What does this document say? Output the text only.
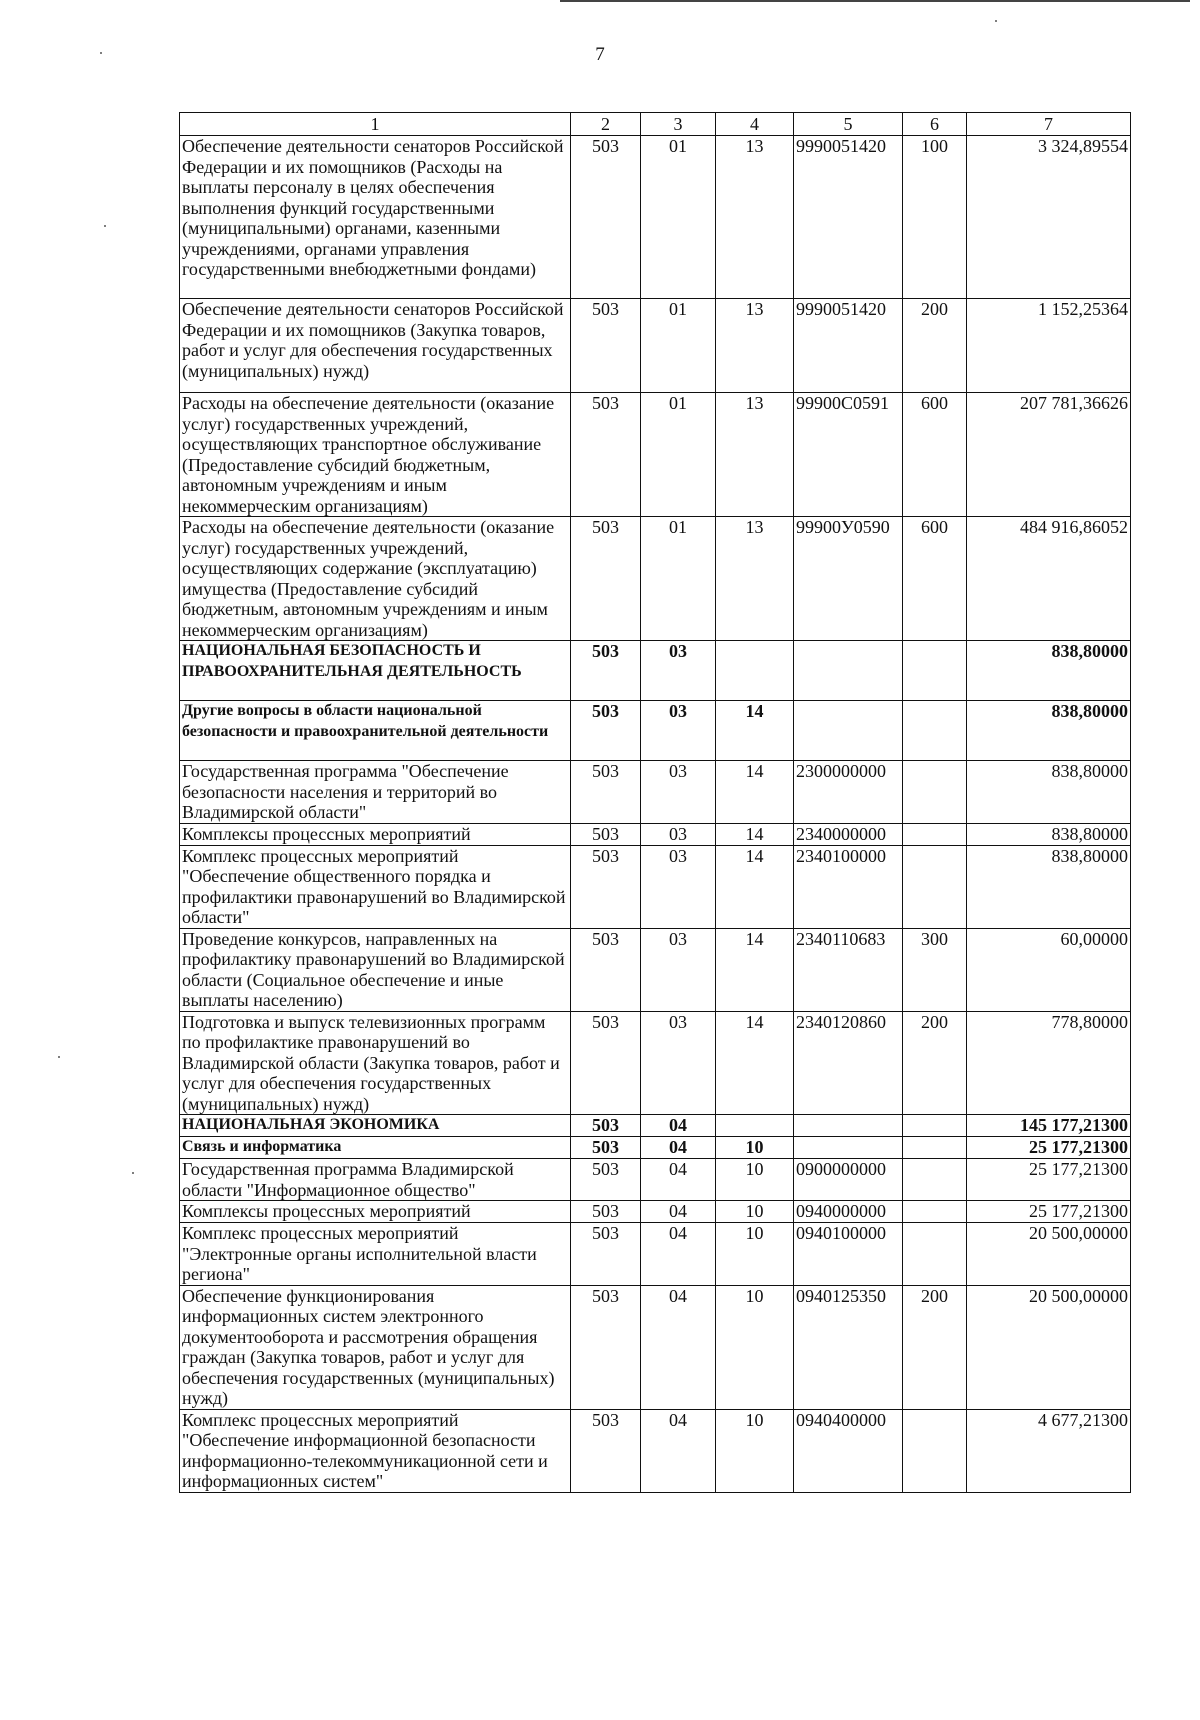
7
1	2	3	4	5	6	7
Обеспечение деятельности сенаторов Российской Федерации и их помощников (Расходы на выплаты персоналу в целях обеспечения выполнения функций государственными (муниципальными) органами, казенными учреждениями, органами управления государственными внебюджетными фондами)	503	01	13	9990051420	100	3 324,89554
Обеспечение деятельности сенаторов Российской Федерации и их помощников (Закупка товаров, работ и услуг для обеспечения государственных (муниципальных) нужд)	503	01	13	9990051420	200	1 152,25364
Расходы на обеспечение деятельности (оказание услуг) государственных учреждений, осуществляющих транспортное обслуживание (Предоставление субсидий бюджетным, автономным учреждениям и иным некоммерческим организациям)	503	01	13	99900С0591	600	207 781,36626
Расходы на обеспечение деятельности (оказание услуг) государственных учреждений, осуществляющих содержание (эксплуатацию) имущества (Предоставление субсидий бюджетным, автономным учреждениям и иным некоммерческим организациям)	503	01	13	99900У0590	600	484 916,86052
НАЦИОНАЛЬНАЯ БЕЗОПАСНОСТЬ И ПРАВООХРАНИТЕЛЬНАЯ ДЕЯТЕЛЬНОСТЬ	503	03				838,80000
Другие вопросы в области национальной безопасности и правоохранительной деятельности	503	03	14			838,80000
Государственная программа "Обеспечение безопасности населения и территорий во Владимирской области"	503	03	14	2300000000		838,80000
Комплексы процессных мероприятий	503	03	14	2340000000		838,80000
Комплекс процессных мероприятий "Обеспечение общественного порядка и профилактики правонарушений во Владимирской области"	503	03	14	2340100000		838,80000
Проведение конкурсов, направленных на профилактику правонарушений во Владимирской области (Социальное обеспечение и иные выплаты населению)	503	03	14	2340110683	300	60,00000
Подготовка и выпуск телевизионных программ по профилактике правонарушений во Владимирской области (Закупка товаров, работ и услуг для обеспечения государственных (муниципальных) нужд)	503	03	14	2340120860	200	778,80000
НАЦИОНАЛЬНАЯ ЭКОНОМИКА	503	04				145 177,21300
Связь и информатика	503	04	10			25 177,21300
Государственная программа Владимирской области "Информационное общество"	503	04	10	0900000000		25 177,21300
Комплексы процессных мероприятий	503	04	10	0940000000		25 177,21300
Комплекс процессных мероприятий "Электронные органы исполнительной власти региона"	503	04	10	0940100000		20 500,00000
Обеспечение функционирования информационных систем электронного документооборота и рассмотрения обращения граждан (Закупка товаров, работ и услуг для обеспечения государственных (муниципальных) нужд)	503	04	10	0940125350	200	20 500,00000
Комплекс процессных мероприятий "Обеспечение информационной безопасности информационно-телекоммуникационной сети и информационных систем"	503	04	10	0940400000		4 677,21300
